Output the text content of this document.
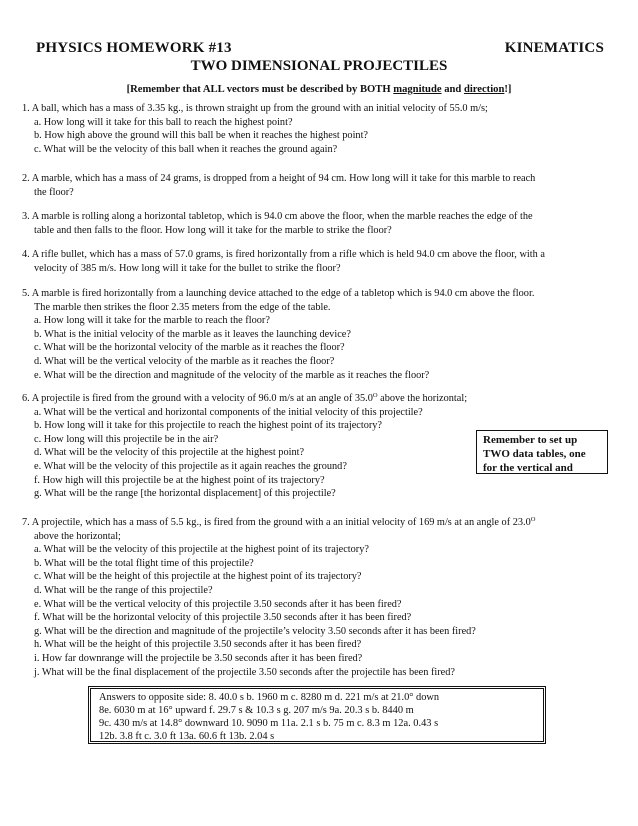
PHYSICS HOMEWORK #13	KINEMATICS
TWO DIMENSIONAL PROJECTILES
[Remember that ALL vectors must be described by BOTH magnitude and direction!]
1. A ball, which has a mass of 3.35 kg., is thrown straight up from the ground with an initial velocity of 55.0 m/s;
a. How long will it take for this ball to reach the highest point?
b. How high above the ground will this ball be when it reaches the highest point?
c. What will be the velocity of this ball when it reaches the ground again?
2. A marble, which has a mass of 24 grams, is dropped from a height of 94 cm. How long will it take for this marble to reach
the floor?
3. A marble is rolling along a horizontal tabletop, which is 94.0 cm above the floor, when the marble reaches the edge of the
table and then falls to the floor. How long will it take for the marble to strike the floor?
4. A rifle bullet, which has a mass of 57.0 grams, is fired horizontally from a rifle which is held 94.0 cm above the floor, with a
velocity of 385 m/s. How long will it take for the bullet to strike the floor?
5. A marble is fired horizontally from a launching device attached to the edge of a tabletop which is 94.0 cm above the floor.
The marble then strikes the floor 2.35 meters from the edge of the table.
a. How long will it take for the marble to reach the floor?
b. What is the initial velocity of the marble as it leaves the launching device?
c. What will be the horizontal velocity of the marble as it reaches the floor?
d. What will be the vertical velocity of the marble as it reaches the floor?
e. What will be the direction and magnitude of the velocity of the marble as it reaches the floor?
6. A projectile is fired from the ground with a velocity of 96.0 m/s at an angle of $35.0^O$ above the horizontal;
a. What will be the vertical and horizontal components of the initial velocity of this projectile?
b. How long will it take for this projectile to reach the highest point of its trajectory?
c. How long will this projectile be in the air?
d. What will be the velocity of this projectile at the highest point?
e. What will be the velocity of this projectile as it again reaches the ground?
f. How high will this projectile be at the highest point of its trajectory?
g. What will be the range [the horizontal displacement] of this projectile?
Remember to set up
TWO data tables, one
for the vertical and
7. A projectile, which has a mass of 5.5 kg., is fired from the ground with a an initial velocity of 169 m/s at an angle of $23.0^O$
above the horizontal;
a. What will be the velocity of this projectile at the highest point of its trajectory?
b. What will be the total flight time of this projectile?
c. What will be the height of this projectile at the highest point of its trajectory?
d. What will be the range of this projectile?
e. What will be the vertical velocity of this projectile 3.50 seconds after it has been fired?
f. What will be the horizontal velocity of this projectile 3.50 seconds after it has been fired?
g. What will be the direction and magnitude of the projectile’s velocity 3.50 seconds after it has been fired?
h. What will be the height of this projectile 3.50 seconds after it has been fired?
i. How far downrange will the projectile be 3.50 seconds after it has been fired?
j. What will be the final displacement of the projectile 3.50 seconds after the projectile has been fired?
Answers to opposite side: 8. 40.0 s b. 1960 m c. 8280 m d. 221 m/s at 21.0° down
8e. 6030 m at 16° upward f. 29.7 s & 10.3 s g. 207 m/s 9a. 20.3 s b. 8440 m
9c. 430 m/s at 14.8° downward 10. 9090 m 11a. 2.1 s b. 75 m c. 8.3 m 12a. 0.43 s
12b. 3.8 ft c. 3.0 ft 13a. 60.6 ft 13b. 2.04 s
